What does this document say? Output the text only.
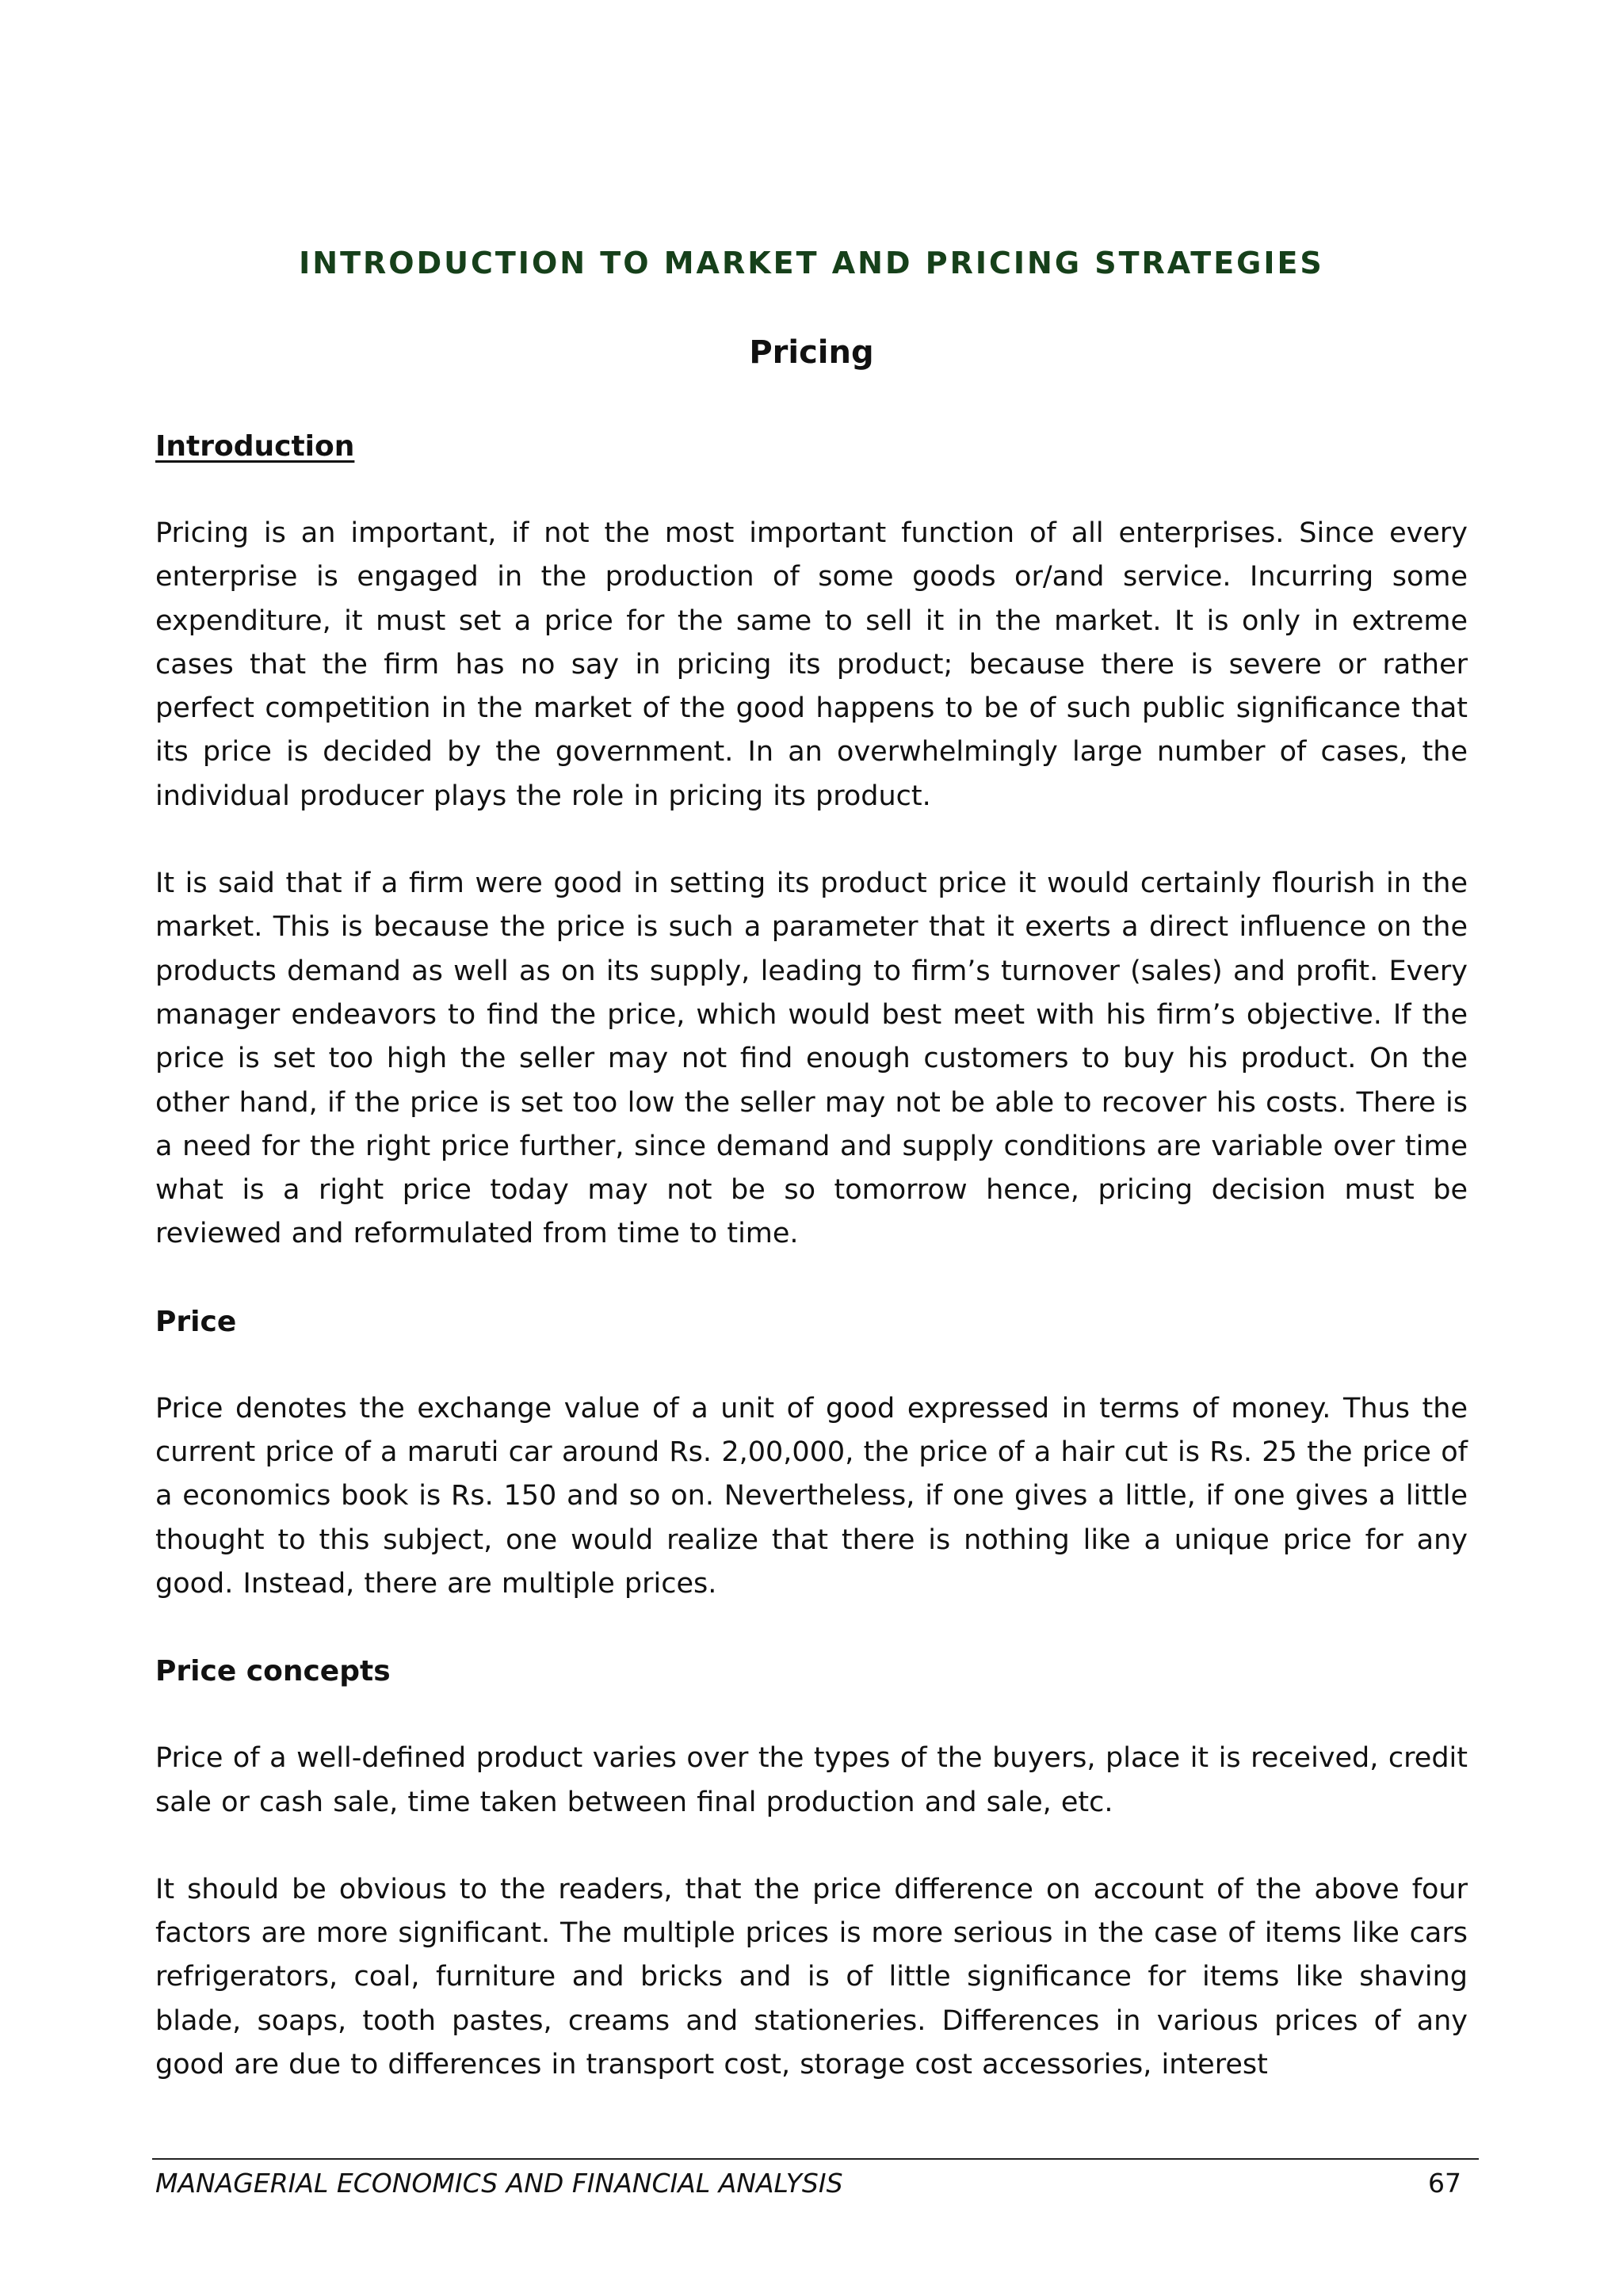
INTRODUCTION TO MARKET AND PRICING STRATEGIES
Pricing

Introduction

Pricing is an important, if not the most important function of all enterprises. Since every enterprise is engaged in the production of some goods or/and service. Incurring some expenditure, it must set a price for the same to sell it in the market. It is only in extreme cases that the firm has no say in pricing its product; because there is severe or rather perfect competition in the market of the good happens to be of such public significance that its price is decided by the government. In an overwhelmingly large number of cases, the individual producer plays the role in pricing its product.

It is said that if a firm were good in setting its product price it would certainly flourish in the market. This is because the price is such a parameter that it exerts a direct influence on the products demand as well as on its supply, leading to firm’s turnover (sales) and profit. Every manager endeavors to find the price, which would best meet with his firm’s objective. If the price is set too high the seller may not find enough customers to buy his product. On the other hand, if the price is set too low the seller may not be able to recover his costs. There is a need for the right price further, since demand and supply conditions are variable over time what is a right price today may not be so tomorrow hence, pricing decision must be reviewed and reformulated from time to time.

Price

Price denotes the exchange value of a unit of good expressed in terms of money. Thus the current price of a maruti car around Rs. 2,00,000, the price of a hair cut is Rs. 25 the price of a economics book is Rs. 150 and so on. Nevertheless, if one gives a little, if one gives a little thought to this subject, one would realize that there is nothing like a unique price for any good. Instead, there are multiple prices.

Price concepts

Price of a well-defined product varies over the types of the buyers, place it is received, credit sale or cash sale, time taken between final production and sale, etc.

It should be obvious to the readers, that the price difference on account of the above four factors are more significant. The multiple prices is more serious in the case of items like cars refrigerators, coal, furniture and bricks and is of little significance for items like shaving blade, soaps, tooth pastes, creams and stationeries. Differences in various prices of any good are due to differences in transport cost, storage cost accessories, interest

MANAGERIAL ECONOMICS AND FINANCIAL ANALYSIS	67
